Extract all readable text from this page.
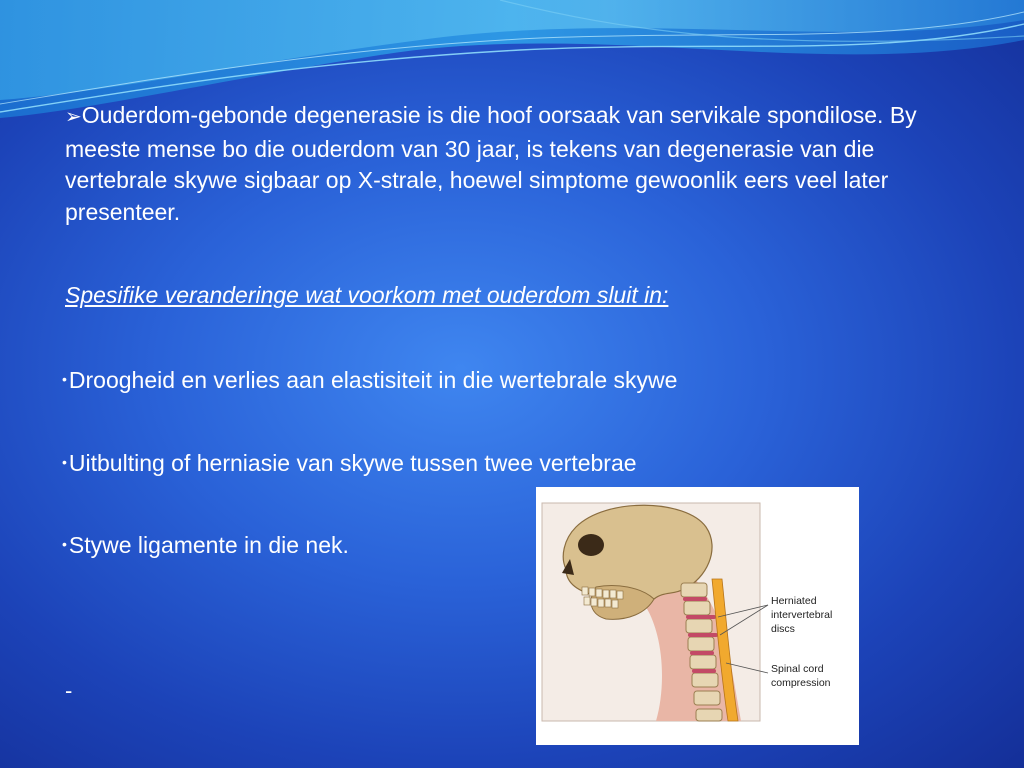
➢Ouderdom-gebonde degenerasie is die hoof oorsaak van servikale spondilose. By meeste mense bo die ouderdom van 30 jaar, is tekens van degenerasie van die vertebrale skywe sigbaar op X-strale, hoewel simptome gewoonlik eers veel later presenteer.

Spesifike veranderinge wat voorkom met ouderdom sluit in:

•Droogheid en verlies aan elastisiteit in die wertebrale skywe

•Uitbulting of herniasie van skywe tussen twee vertebrae

•Stywe ligamente in die nek.

-
Herniated
intervertebral
discs
Spinal cord
compression
